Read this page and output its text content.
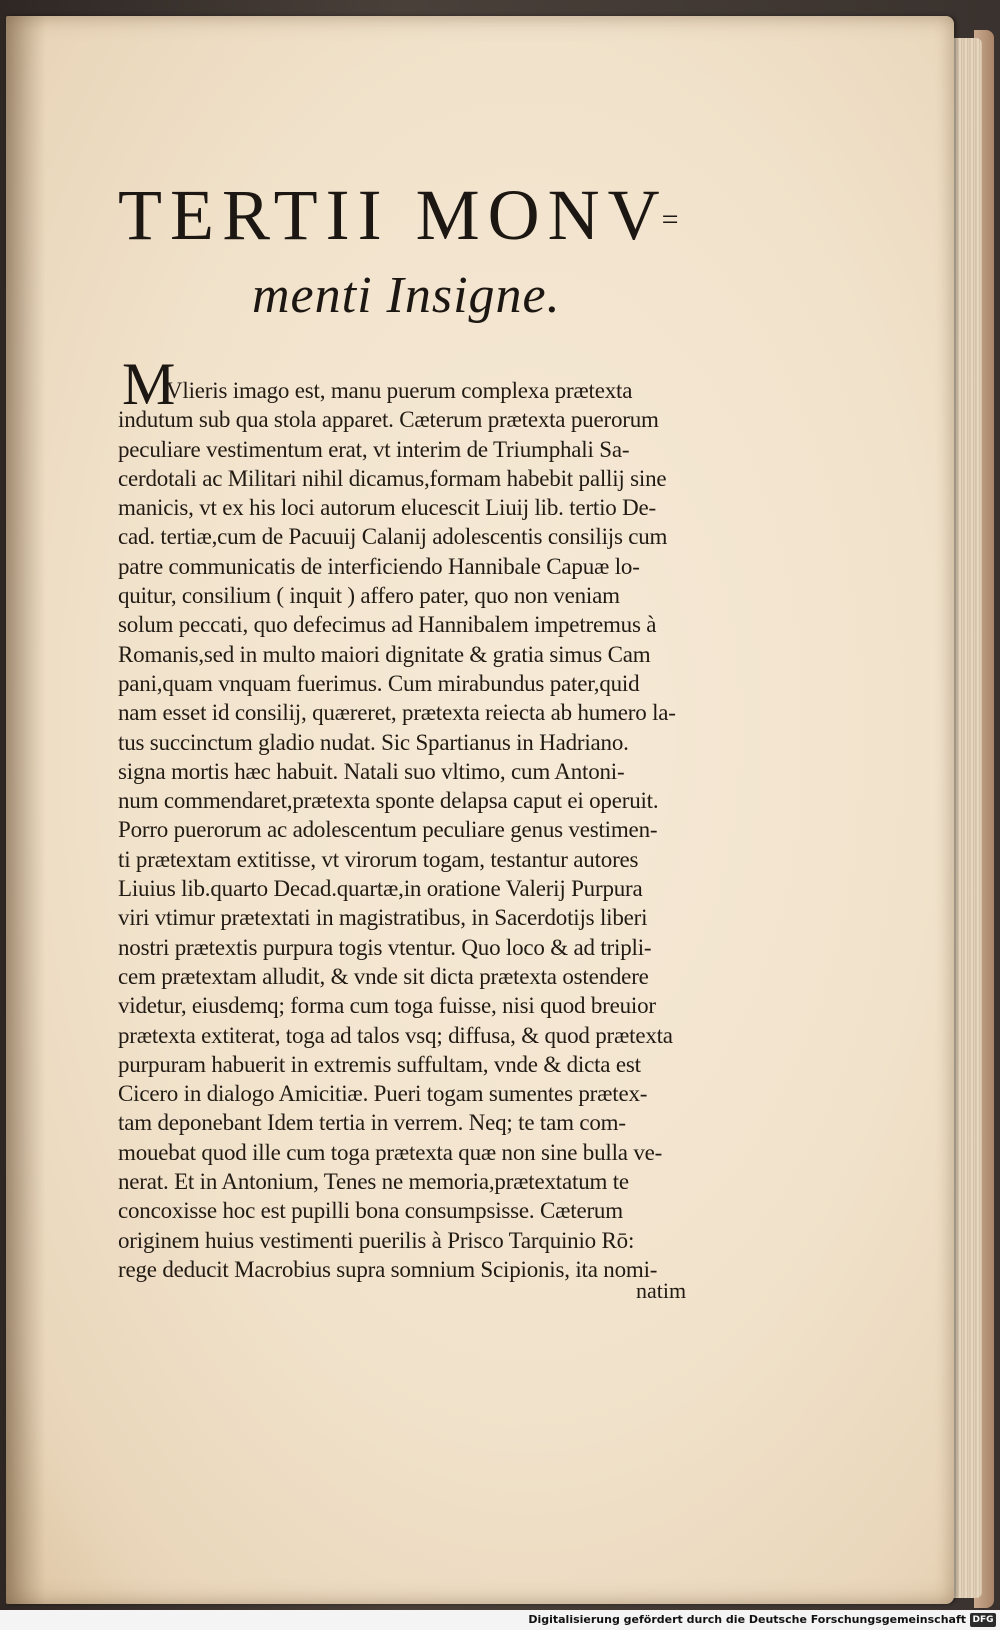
TERTII MONV=
menti Insigne.
M
Vlieris imago est, manu puerum complexa prætexta
indutum sub qua stola apparet. Cæterum prætexta puerorum
peculiare vestimentum erat, vt interim de Triumphali Sa-
cerdotali ac Militari nihil dicamus,formam habebit pallij sine
manicis, vt ex his loci autorum elucescit Liuij lib. tertio De-
cad. tertiæ,cum de Pacuuij Calanij adolescentis consilijs cum
patre communicatis de interficiendo Hannibale Capuæ lo-
quitur, consilium ( inquit ) affero pater, quo non veniam
solum peccati, quo defecimus ad Hannibalem impetremus à
Romanis,sed in multo maiori dignitate & gratia simus Cam
pani,quam vnquam fuerimus. Cum mirabundus pater,quid
nam esset id consilij, quæreret, prætexta reiecta ab humero la-
tus succinctum gladio nudat. Sic Spartianus in Hadriano.
signa mortis hæc habuit. Natali suo vltimo, cum Antoni-
num commendaret,prætexta sponte delapsa caput ei operuit.
Porro puerorum ac adolescentum peculiare genus vestimen-
ti prætextam extitisse, vt virorum togam, testantur autores
Liuius lib.quarto Decad.quartæ,in oratione Valerij Purpura
viri vtimur prætextati in magistratibus, in Sacerdotijs liberi
nostri prætextis purpura togis vtentur. Quo loco & ad tripli-
cem prætextam alludit, & vnde sit dicta prætexta ostendere
videtur, eiusdemq; forma cum toga fuisse, nisi quod breuior
prætexta extiterat, toga ad talos vsq; diffusa, & quod prætexta
purpuram habuerit in extremis suffultam, vnde & dicta est
Cicero in dialogo Amicitiæ. Pueri togam sumentes prætex-
tam deponebant Idem tertia in verrem. Neq; te tam com-
mouebat quod ille cum toga prætexta quæ non sine bulla ve-
nerat. Et in Antonium, Tenes ne memoria,prætextatum te
concoxisse hoc est pupilli bona consumpsisse. Cæterum
originem huius vestimenti puerilis à Prisco Tarquinio Rō:
rege deducit Macrobius supra somnium Scipionis, ita nomi-
natim
Digitalisierung gefördert durch die Deutsche Forschungsgemeinschaft DFG
